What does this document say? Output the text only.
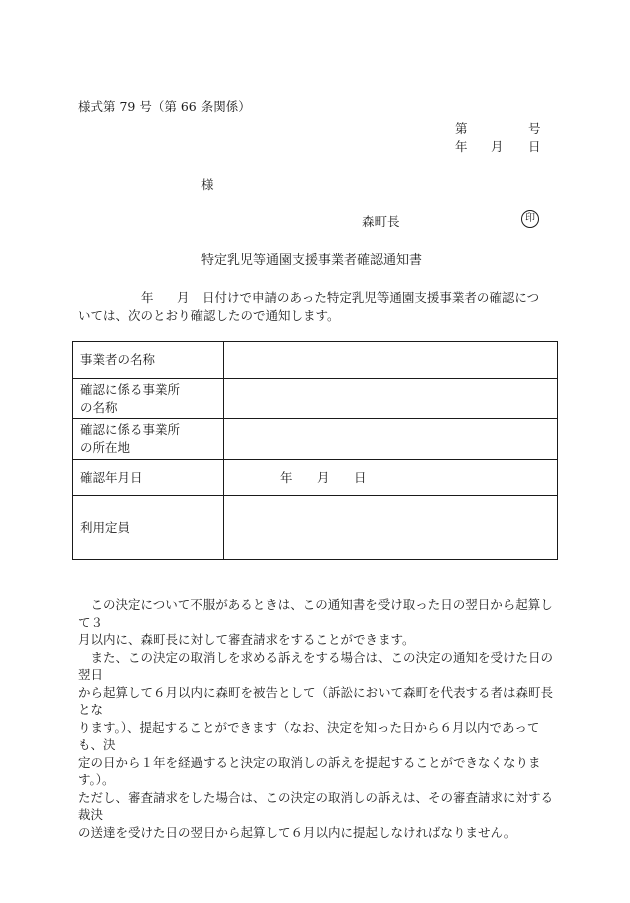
様式第 79 号（第 66 条関係）
第	号
年 月 日
様
森町長	印
特定乳児等通園支援事業者確認通知書
年 月 日付けで申請のあった特定乳児等通園支援事業者の確認につ
いては、次のとおり確認したので通知します。
事業者の名称	

確認に係る事業所
の名称	

確認に係る事業所
の所在地	

確認年月日	年 月 日

利用定員	

　この決定について不服があるときは、この通知書を受け取った日の翌日から起算して３

月以内に、森町長に対して審査請求をすることができます。

　また、この決定の取消しを求める訴えをする場合は、この決定の通知を受けた日の翌日

から起算して６月以内に森町を被告として（訴訟において森町を代表する者は森町長とな

ります。）、提起することができます（なお、決定を知った日から６月以内であっても、決

定の日から１年を経過すると決定の取消しの訴えを提起することができなくなります。）。

ただし、審査請求をした場合は、この決定の取消しの訴えは、その審査請求に対する裁決

の送達を受けた日の翌日から起算して６月以内に提起しなければなりません。
